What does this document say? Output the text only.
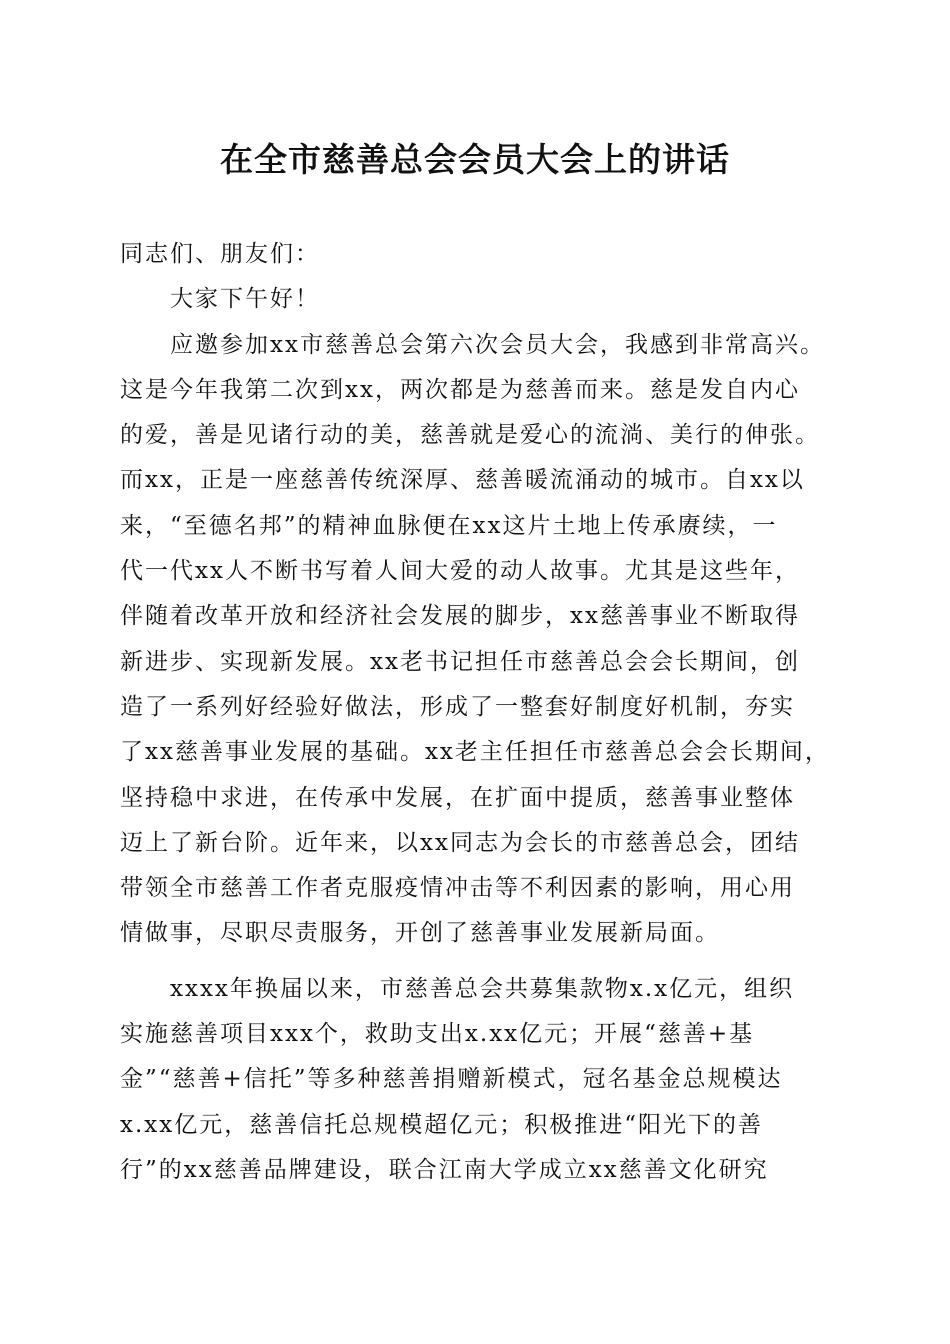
在全市慈善总会会员大会上的讲话
同志们、朋友们：
大家下午好！
应邀参加xx市慈善总会第六次会员大会，我感到非常高兴。
这是今年我第二次到xx，两次都是为慈善而来。慈是发自内心
的爱，善是见诸行动的美，慈善就是爱心的流淌、美行的伸张。
而xx，正是一座慈善传统深厚、慈善暖流涌动的城市。自xx以
来，“至德名邦”的精神血脉便在xx这片土地上传承赓续，一
代一代xx人不断书写着人间大爱的动人故事。尤其是这些年，
伴随着改革开放和经济社会发展的脚步，xx慈善事业不断取得
新进步、实现新发展。xx老书记担任市慈善总会会长期间，创
造了一系列好经验好做法，形成了一整套好制度好机制，夯实
了xx慈善事业发展的基础。xx老主任担任市慈善总会会长期间，
坚持稳中求进，在传承中发展，在扩面中提质，慈善事业整体
迈上了新台阶。近年来，以xx同志为会长的市慈善总会，团结
带领全市慈善工作者克服疫情冲击等不利因素的影响，用心用
情做事，尽职尽责服务，开创了慈善事业发展新局面。
xxxx年换届以来，市慈善总会共募集款物x.x亿元，组织
实施慈善项目xxx个，救助支出x.xx亿元；开展“慈善+基
金”“慈善+信托”等多种慈善捐赠新模式，冠名基金总规模达
x.xx亿元，慈善信托总规模超亿元；积极推进“阳光下的善
行”的xx慈善品牌建设，联合江南大学成立xx慈善文化研究
